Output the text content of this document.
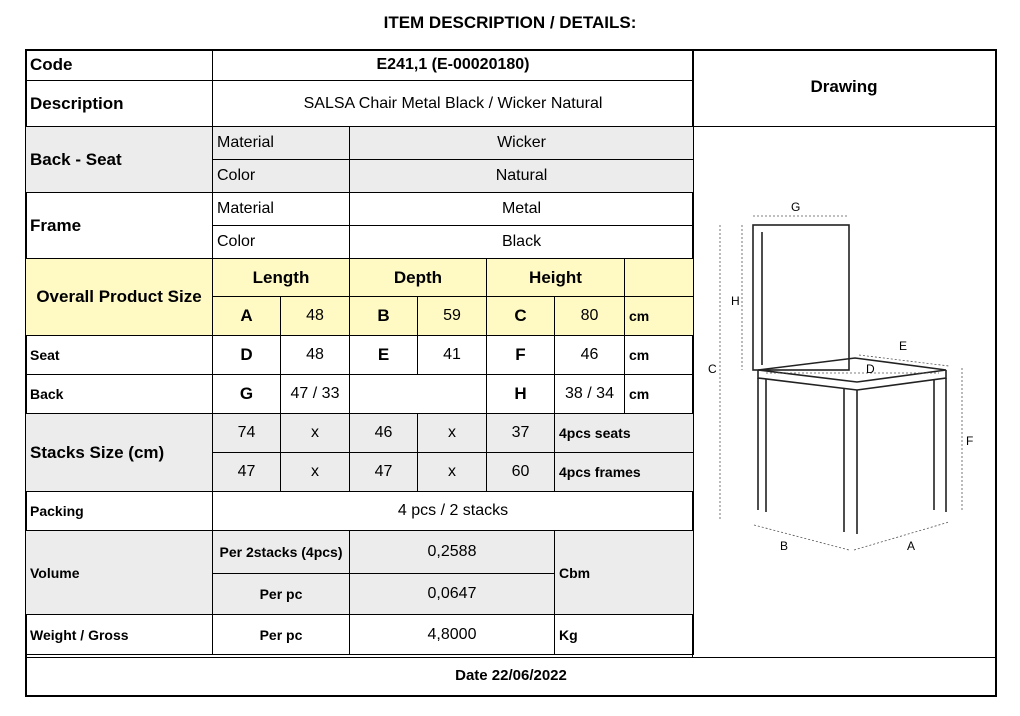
ITEM DESCRIPTION / DETAILS:
Code	E241,1 (E-00020180)						
Description	SALSA Chair Metal Black / Wicker Natural						
Back - Seat	Material		Wicker				
	Color		Natural				
Frame	Material		Metal				
	Color		Black				
Overall Product Size	Length		Depth		Height		
	A	48	B	59	C	80	cm
Seat	D	48	E	41	F	46	cm
Back	G	47 / 33			H	38 / 34	cm
Stacks Size (cm)	74	x	46	x	37	4pcs seats	
	47	x	47	x	60	4pcs frames	
Packing	4 pcs / 2 stacks						
Volume	Per 2stacks (4pcs)		0,2588			Cbm	
	Per pc		0,0647				
Weight / Gross	Per pc		4,8000			Kg	
Drawing
G
H
C
E
D
F
B	A
Date 22/06/2022
